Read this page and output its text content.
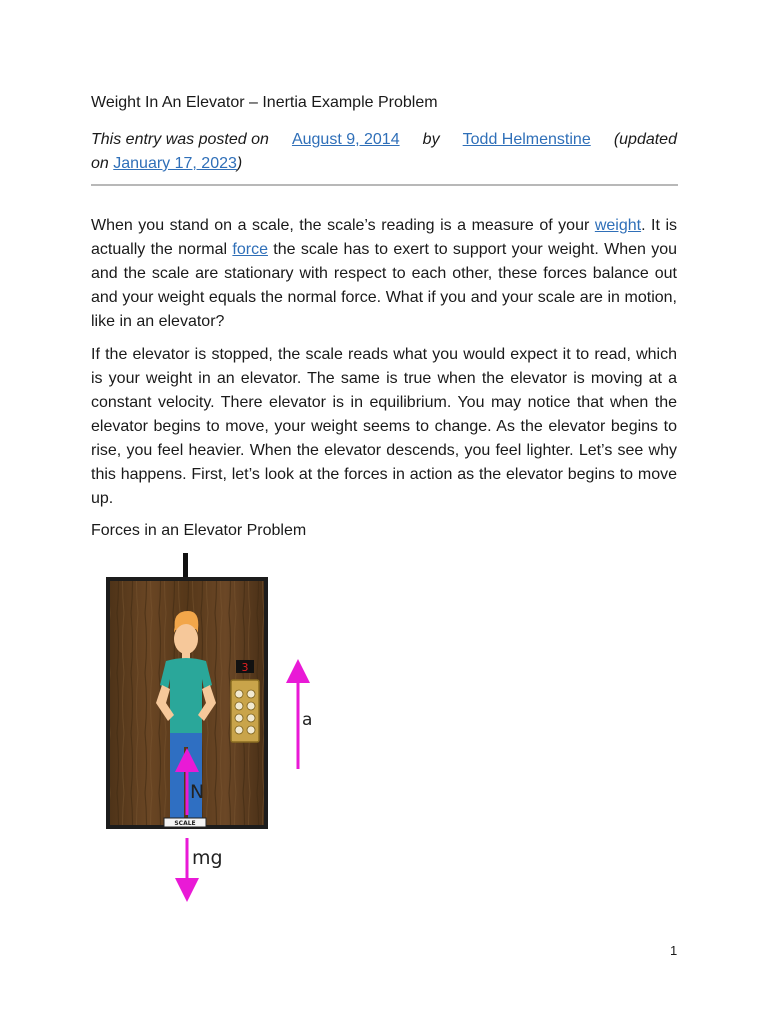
Weight In An Elevator – Inertia Example Problem
This entry was posted on August 9, 2014 by Todd Helmenstine (updated
on January 17, 2023)

When you stand on a scale, the scale’s reading is a measure of your weight. It is actually the normal force the scale has to exert to support your weight. When you and the scale are stationary with respect to each other, these forces balance out and your weight equals the normal force. What if you and your scale are in motion, like in an elevator?

If the elevator is stopped, the scale reads what you would expect it to read, which is your weight in an elevator. The same is true when the elevator is moving at a constant velocity. There elevator is in equilibrium. You may notice that when the elevator begins to move, your weight seems to change. As the elevator begins to rise, you feel heavier. When the elevator descends, you feel lighter. Let’s see why this happens. First, let’s look at the forces in action as the elevator begins to move up.

Forces in an Elevator Problem
3
SCALE
N
mg
a
1
